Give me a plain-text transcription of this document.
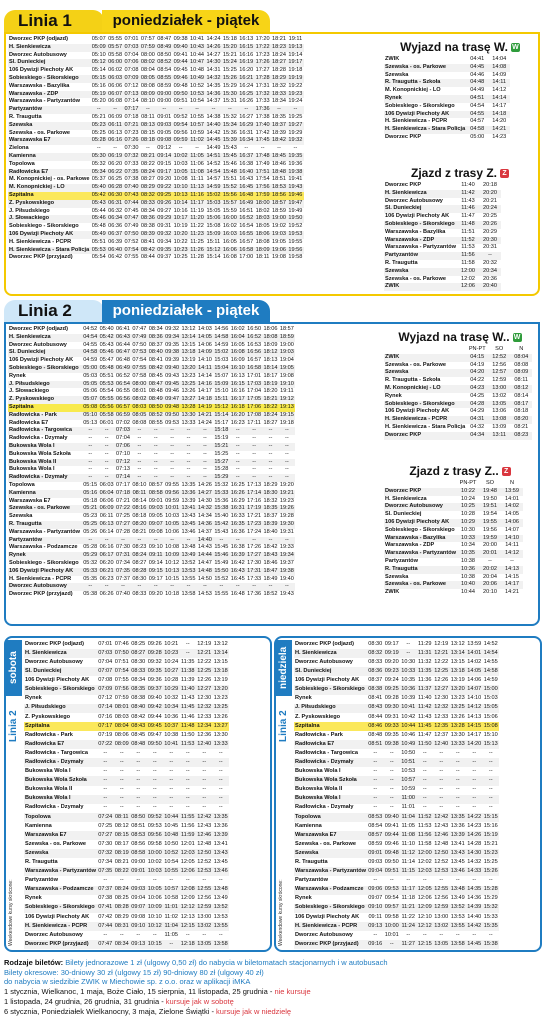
Linia 1	poniedziałek - piątek
Dworzec PKP (odjazd)	05:07	05:55	07:01	07:57	08:47	09:38	10:41	14:24	15:18	16:13	17:20	18:21	19:11
H. Sienkiewicza	05:09	05:57	07:03	07:59	08:49	09:40	10:43	14:26	15:20	16:15	17:22	18:23	19:13
Dworzec Autobusowy	05:10	05:58	07:04	08:00	08:50	09:41	10:44	14:27	15:21	16:16	17:23	18:24	19:14
Sl. Dunieckiej	05:12	06:00	07:06	08:02	08:52	09:44	10:47	14:30	15:24	16:19	17:26	18:27	19:17
106 Dywizji Piechoty AK	05:14	06:02	07:08	08:04	08:54	09:45	10:48	14:31	15:25	16:20	17:27	18:28	19:18
Sobieskiego - Sikorskiego	05:15	06:03	07:09	08:05	08:55	09:46	10:49	14:32	15:26	16:21	17:28	18:29	19:19
Warszawska - Bazylika	05:16	06:06	07:12	08:08	08:59	09:48	10:52	14:35	15:29	16:24	17:31	18:32	19:22
Warszawska - ZDP	05:19	06:07	07:13	08:09	09:00	09:50	10:53	14:36	15:30	16:25	17:32	18:33	19:23
Warszawska - Partyzantów	05:20	06:08	07:14	08:10	09:00	09:51	10:54	14:37	15:31	16:26	17:33	18:34	19:24
Partyzantów	--	--	07:17	--	--	--	--	--	--	--	17:36	--	--
R. Traugutta	05:21	06:09	07:18	08:11	09:01	09:52	10:55	14:38	15:32	16:27	17:38	18:35	19:25
Szewska	05:23	06:11	07:21	08:13	09:03	09:54	10:57	14:40	15:34	16:29	17:40	18:37	19:27
Szewska - os. Parkowe	05:25	06:13	07:23	08:15	09:05	09:56	10:59	14:42	15:36	16:31	17:42	18:39	19:29
Warszawska E7	05:28	06:16	07:26	08:18	09:08	09:59	11:02	14:45	15:39	16:34	17:45	18:42	19:32
Zielona	--	--	07:30	--	09:12	--	--	14:49	15:43	--	--	--	--
Kamienna	05:30	06:19	07:32	08:21	09:14	10:02	11:05	14:51	15:45	16:37	17:48	18:45	19:35
Topolowa	05:32	06:20	07:33	08:22	09:15	10:03	11:06	14:52	15:46	16:38	17:49	18:46	19:36
Radłowicka E7	05:34	06:22	07:35	08:24	09:17	10:05	11:08	14:54	15:48	16:40	17:51	18:48	19:38
M. Konopnickiej - os. Parkowe	05:37	06:25	07:38	08:27	09:20	10:08	11:11	14:57	15:51	16:43	17:54	18:51	19:41
M. Konopnickiej - LO	05:40	06:28	07:40	08:29	09:22	10:10	11:13	14:59	15:52	16:45	17:56	18:53	19:43
Szpitalna	05:42	06:30	07:43	08:32	09:25	10:13	11:16	15:02	15:56	16:48	17:59	18:56	19:46
Z. Pyskowskiego	05:43	06:31	07:44	08:33	09:26	10:14	11:17	15:03	15:57	16:49	18:00	18:57	19:47
J. Piłsudskiego	05:44	06:32	07:45	08:34	09:27	10:16	11:19	15:05	15:59	16:51	18:02	18:59	19:49
J. Słowackiego	05:46	06:34	07:47	08:36	09:29	10:17	11:20	15:06	16:00	16:52	18:03	19:00	19:50
Sobieskiego - Sikorskiego	05:48	06:36	07:49	08:38	09:31	10:19	11:22	15:08	16:02	16:54	18:05	19:02	19:52
106 Dywizji Piechoty AK	05:49	06:37	07:50	08:39	09:32	10:20	11:23	15:09	16:03	16:55	18:06	19:03	19:53
H. Sienkiewicza - PCPR	05:51	06:39	07:52	08:41	09:34	10:22	11:25	15:11	16:05	16:57	18:08	19:05	19:55
H. Sienkiewicza - Stara Policja	05:53	06:40	07:54	08:42	09:35	10:23	11:26	15:12	16:06	16:58	18:09	19:06	19:56
Dworzec PKP (przyjazd)	05:54	06:42	07:55	08:44	09:37	10:25	11:28	15:14	16:08	17:00	18:11	19:08	19:58
Wyjazd na trasę W. W
ZWIK	04:41	14:04
Szewska - os. Parkowe	04:45	14:08
Szewska	04:46	14:09
R. Traugutta - Szkoła	04:48	14:11
M. Konopnickiej - LO	04:49	14:12
Rynek	04:51	14:14
Sobieskiego - Sikorskiego	04:54	14:17
106 Dywizji Piechoty AK	04:55	14:18
H. Sienkiewicza - PCPR	04:57	14:20
H. Sienkiewicza - Stara Policja	04:58	14:21
Dworzec PKP	05:00	14:23
Zjazd z trasy Z. Z
Dworzec PKP	11:40	20:18
H. Sienkiewicza	11:42	20:20
Dworzec Autobusowy	11:43	20:21
Sl. Dunieckiej	11:46	20:24
106 Dywizji Piechoty AK	11:47	20:25
Sobieskiego - Sikorskiego	11:48	20:26
Warszawska - Bazylika	11:51	20:29
Warszawska - ZDP	11:52	20:30
Warszawska - Partyzantów	11:53	20:31
Partyzantów	11:56	--
R. Traugutta	11:58	20:32
Szewska	12:00	20:34
Szewska - os. Parkowe	12:02	20:36
ZWIK	12:06	20:40
Linia 2	poniedziałek - piątek
Dworzec PKP (odjazd)	04:52	05:40	06:41	07:47	08:34	09:32	13:12	14:03	14:56	16:02	16:50	18:06	18:57
H. Sienkiewicza	04:54	05:42	06:43	07:49	08:36	09:34	13:14	14:05	14:58	16:04	16:52	18:08	18:59
Dworzec Autobusowy	04:55	05:43	06:44	07:50	08:37	09:35	13:15	14:06	14:59	16:05	16:53	18:09	19:00
Sl. Dunieckiej	04:58	05:46	06:47	07:53	08:40	09:38	13:18	14:09	15:02	16:08	16:56	18:12	19:03
106 Dywizji Piechoty AK	04:59	05:47	06:48	07:54	08:41	09:39	13:19	14:10	15:03	16:09	16:57	18:13	19:04
Sobieskiego - Sikorskiego	05:00	05:48	06:49	07:55	08:42	09:40	13:20	14:11	15:04	16:10	16:58	18:14	19:05
Rynek	05:03	05:51	06:52	07:58	08:45	09:43	13:23	14:14	15:07	16:13	17:01	18:17	19:08
J. Piłsudskiego	05:05	05:53	06:54	08:00	08:47	09:45	13:25	14:16	15:09	16:15	17:03	18:19	19:10
J. Słowackiego	05:06	05:54	06:55	08:01	08:48	09:46	13:26	14:17	15:10	16:16	17:04	18:20	19:11
Z. Pyskowskiego	05:07	05:55	06:56	08:02	08:49	09:47	13:27	14:18	15:11	16:17	17:05	18:21	19:12
Szpitalna	05:08	05:56	06:57	08:03	08:50	09:48	13:28	14:19	15:12	16:18	17:06	18:22	19:13
Radłowicka - Park	05:10	05:58	06:59	08:05	08:52	09:50	13:30	14:21	15:14	16:20	17:08	18:24	19:15
Radłowicka E7	05:13	06:01	07:02	08:08	08:55	09:53	13:33	14:24	15:17	16:23	17:11	18:27	19:18
Radłowicka - Targowica	--	--	07:03	--	--	--	--	--	15:18	--	--	--	--
Radłowicka - Dzymały	--	--	07:04	--	--	--	--	--	15:19	--	--	--	--
Bukowska Wola I	--	--	07:06	--	--	--	--	--	15:21	--	--	--	--
Bukowska Wola Szkoła	--	--	07:10	--	--	--	--	--	15:25	--	--	--	--
Bukowska Wola II	--	--	07:12	--	--	--	--	--	15:27	--	--	--	--
Bukowska Wola I	--	--	07:13	--	--	--	--	--	15:28	--	--	--	--
Radłowicka - Dzymały	--	--	07:14	--	--	--	--	--	15:29	--	--	--	--
Topolowa	05:15	06:03	07:17	08:10	08:57	09:55	13:35	14:26	15:32	16:25	17:13	18:29	19:20
Kamienna	05:16	06:04	07:18	08:11	08:58	09:56	13:36	14:27	15:33	16:26	17:14	18:30	19:21
Warszawska E7	05:18	06:06	07:21	08:14	09:01	09:59	13:39	14:30	15:36	16:29	17:16	18:32	19:23
Szewska - os. Parkowe	05:21	06:09	07:22	08:16	09:03	10:01	13:41	14:32	15:38	16:31	17:19	18:35	19:26
Szewska	05:23	06:11	07:25	08:18	09:05	10:03	13:43	14:34	15:40	16:33	17:21	18:37	19:28
R. Traugutta	05:25	06:13	07:27	08:20	09:07	10:05	13:45	14:36	15:42	16:35	17:23	18:39	19:30
Warszawska - Partyzantów	05:26	06:14	07:28	08:21	09:08	10:06	13:46	14:37	15:43	16:36	17:24	18:40	19:31
Partyzantów	--	--	--	--	--	--	--	14:40	--	--	--	--	--
Warszawska - Podzamcze	05:28	06:16	07:30	08:23	09:10	10:08	13:48	14:43	15:45	16:38	17:26	18:42	19:33
Rynek	05:29	06:17	07:31	08:24	09:11	10:09	13:49	14:44	15:46	16:39	17:27	18:43	19:34
Sobieskiego - Sikorskiego	05:32	06:20	07:34	08:27	09:14	10:12	13:52	14:47	15:49	16:42	17:30	18:46	19:37
106 Dywizji Piechoty AK	05:33	06:21	07:35	08:28	09:15	10:13	13:53	14:48	15:50	16:43	17:31	18:47	19:38
H. Sienkiewicza - PCPR	05:35	06:23	07:37	08:30	09:17	10:15	13:55	14:50	15:52	16:45	17:33	18:49	19:40
Dworzec Autobusowy	--	--	--	--	--	--	--	--	--	--	--	--	--
Dworzec PKP (przyjazd)	05:38	06:26	07:40	08:33	09:20	10:18	13:58	14:53	15:55	16:48	17:36	18:52	19:43
Wyjazd na trasę W.. W
	PN-PT	SO	N
ZWIK	04:15	12:52	08:04
Szewska - os. Parkowe	04:19	12:56	08:08
Szewska	04:20	12:57	08:09
R. Traugutta - Szkoła	04:22	12:59	08:11
M. Konopnickiej - LO	04:23	13:00	08:12
Rynek	04:25	13:02	08:14
Sobieskiego - Sikorskiego	04:28	13:05	08:17
106 Dywizji Piechoty AK	04:29	13:06	08:18
H. Sienkiewicza - PCPR	04:31	13:08	08:20
H. Sienkiewicza - Stara Policja	04:32	13:09	08:21
Dworzec PKP	04:34	13:11	08:23
Zjazd z trasy Z.. Z
	PN-PT	SO	N
Dworzec PKP	10:22	19:48	13:59
H. Sienkiewicza	10:24	19:50	14:01
Dworzec Autobusowy	10:25	19:51	14:02
Sl. Dunieckiej	10:28	19:54	14:05
106 Dywizji Piechoty AK	10:29	19:55	14:06
Sobieskiego - Sikorskiego	10:30	19:56	14:07
Warszawska - Bazylika	10:33	19:59	14:10
Warszawska - ZDP	10:34	20:00	14:11
Warszawska - Partyzantów	10:35	20:01	14:12
Partyzantów	10:38	--	--
R. Traugutta	10:36	20:02	14:13
Szewska	10:38	20:04	14:15
Szewska - os. Parkowe	10:40	20:06	14:17
ZWIK	10:44	20:10	14:21
sobota
Linia 2
Weekendowe kursy skrócone:
Dworzec PKP (odjazd)	07:01	07:46	08:25	09:26	10:21	--	12:19	13:12
H. Sienkiewicza	07:03	07:50	08:27	09:28	10:23	--	12:21	13:14
Dworzec Autobusowy	07:04	07:51	08:30	09:32	10:24	11:35	12:22	13:15
Sl. Dunieckiej	07:07	07:54	08:33	09:35	10:27	11:38	12:25	13:18
106 Dywizji Piechoty AK	07:08	07:55	08:34	09:36	10:28	11:39	12:26	13:19
Sobieskiego - Sikorskiego	07:09	07:56	08:35	09:37	10:29	11:40	12:27	13:20
Rynek	07:12	07:59	08:38	09:40	10:32	11:43	12:30	13:23
J. Piłsudskiego	07:14	08:01	08:40	09:42	10:34	11:45	12:32	13:25
Z. Pyskowskiego	07:16	08:03	08:42	09:44	10:36	11:46	12:33	13:26
Szpitalna	07:17	08:04	08:43	09:45	10:37	11:48	12:34	13:27
Radłowicka - Park	07:19	08:06	08:45	09:47	10:38	11:50	12:36	13:30
Radłowicka E7	07:22	08:09	08:48	09:50	10:41	11:53	12:40	13:33
Radłowicka - Targowica	--	--	--	--	--	--	--	--
Radłowicka - Dzymały	--	--	--	--	--	--	--	--
Bukowska Wola I	--	--	--	--	--	--	--	--
Bukowska Wola Szkoła	--	--	--	--	--	--	--	--
Bukowska Wola II	--	--	--	--	--	--	--	--
Bukowska Wola I	--	--	--	--	--	--	--	--
Radłowicka - Dzymały	--	--	--	--	--	--	--	--
Topolowa	07:24	08:11	08:50	09:52	10:44	11:55	12:42	13:35
Kamienna	07:25	08:12	08:51	09:53	10:45	11:56	12:43	13:36
Warszawska E7	07:27	08:15	08:53	09:56	10:48	11:59	12:46	13:39
Szewska - os. Parkowe	07:30	08:17	08:56	09:58	10:50	12:01	12:48	13:41
Szewska	07:32	08:19	08:58	10:00	10:52	12:03	12:50	13:43
R. Traugutta	07:34	08:21	09:00	10:02	10:54	12:05	12:52	13:45
Warszawska - Partyzantów	07:35	08:22	09:01	10:03	10:55	12:06	12:53	13:46
Partyzantów	--	--	--	--	--	--	--	--
Warszawska - Podzamcze	07:37	08:24	09:03	10:05	10:57	12:08	12:55	13:48
Rynek	07:38	08:25	09:04	10:06	10:58	12:09	12:56	13:49
Sobieskiego - Sikorskiego	07:41	08:28	09:07	10:09	11:01	12:12	12:59	13:52
106 Dywizji Piechoty AK	07:42	08:29	09:08	10:10	11:02	12:13	13:00	13:53
H. Sienkiewicza - PCPR	07:44	08:31	09:10	10:12	11:04	12:15	13:02	13:55
Dworzec Autobusowy	--	--	--	--	11:05	--	--	--
Dworzec PKP (przyjazd)	07:47	08:34	09:13	10:15	--	12:18	13:05	13:58
niedziela
Linia 2
Weekendowe kursy skrócone:
Dworzec PKP (odjazd)	08:30	09:17	--	11:29	12:19	13:12	13:59	14:52
H. Sienkiewicza	08:32	09:19	--	11:31	12:21	13:14	14:01	14:54
Dworzec Autobusowy	08:33	09:20	10:30	11:32	12:22	13:15	14:02	14:55
Sl. Dunieckiej	08:36	09:23	10:33	11:35	12:25	13:18	14:05	14:58
106 Dywizji Piechoty AK	08:37	09:24	10:35	11:36	12:26	13:19	14:06	14:59
Sobieskiego - Sikorskiego	08:38	09:25	10:36	11:37	12:27	13:20	14:07	15:00
Rynek	08:41	09:28	10:39	11:40	12:30	13:23	14:10	15:03
J. Piłsudskiego	08:43	09:30	10:41	11:42	12:32	13:25	14:12	15:05
Z. Pyskowskiego	08:44	09:31	10:42	11:43	12:33	13:26	14:13	15:06
Szpitalna	08:46	09:33	10:44	11:45	12:35	13:28	14:15	15:08
Radłowicka - Park	08:48	09:35	10:46	11:47	12:37	13:30	14:17	15:10
Radłowicka E7	08:51	09:38	10:49	11:50	12:40	13:33	14:20	15:13
Radłowicka - Targowica	--	--	10:50	--	--	--	--	--
Radłowicka - Dzymały	--	--	10:51	--	--	--	--	--
Bukowska Wola I	--	--	10:53	--	--	--	--	--
Bukowska Wola Szkoła	--	--	10:57	--	--	--	--	--
Bukowska Wola II	--	--	10:59	--	--	--	--	--
Bukowska Wola I	--	--	11:00	--	--	--	--	--
Radłowicka - Dzymały	--	--	11:01	--	--	--	--	--
Topolowa	08:53	09:40	11:04	11:52	12:42	13:35	14:22	15:15
Kamienna	08:54	09:41	11:05	11:53	12:43	13:36	14:23	15:16
Warszawska E7	08:57	09:44	11:08	11:56	12:46	13:39	14:26	15:19
Szewska - os. Parkowe	08:59	09:46	11:10	11:58	12:48	13:41	14:28	15:21
Szewska	09:01	09:48	11:12	12:00	12:50	13:43	14:30	15:23
R. Traugutta	09:03	09:50	11:14	12:02	12:52	13:45	14:32	15:25
Warszawska - Partyzantów	09:04	09:51	11:15	12:03	12:53	13:46	14:33	15:26
Partyzantów	--	--	--	--	--	--	--	--
Warszawska - Podzamcze	09:06	09:53	11:17	12:05	12:55	13:48	14:35	15:28
Rynek	09:07	09:54	11:18	12:06	12:56	13:49	14:36	15:29
Sobieskiego - Sikorskiego	09:10	09:57	11:21	12:09	12:59	13:52	14:39	15:32
106 Dywizji Piechoty AK	09:11	09:58	11:22	12:10	13:00	13:53	14:40	15:33
H. Sienkiewicza - PCPR	09:13	10:00	11:24	12:12	13:02	13:55	14:42	15:35
Dworzec Autobusowy	--	10:01	--	--	--	--	--	--
Dworzec PKP (przyjazd)	09:16	--	11:27	12:15	13:05	13:58	14:45	15:38
Rodzaje biletów: Bilety jednorazowe 1 zł (ulgowy 0,50 zł) do nabycia w biletomatach stacjonarnych i w autobusach
Bilety okresowe: 30-dniowy 30 zł (ulgowy 15 zł) 90-dniowy 80 zł (ulgowy 40 zł)
do nabycia w siedzibie ZWIK w Miechowie sp. z o.o. oraz w aplikacji iMKA
1 stycznia, Wielkanoc, 1 maja, Boże Ciało, 15 sierpnia, 11 listopada, 25 grudnia - nie kursuje
1 listopada, 24 grudnia, 26 grudnia, 31 grudnia - kursuje jak w sobotę
6 stycznia, Poniedziałek Wielkanocny, 3 maja, Zielone Świątki - kursuje jak w niedzielę
